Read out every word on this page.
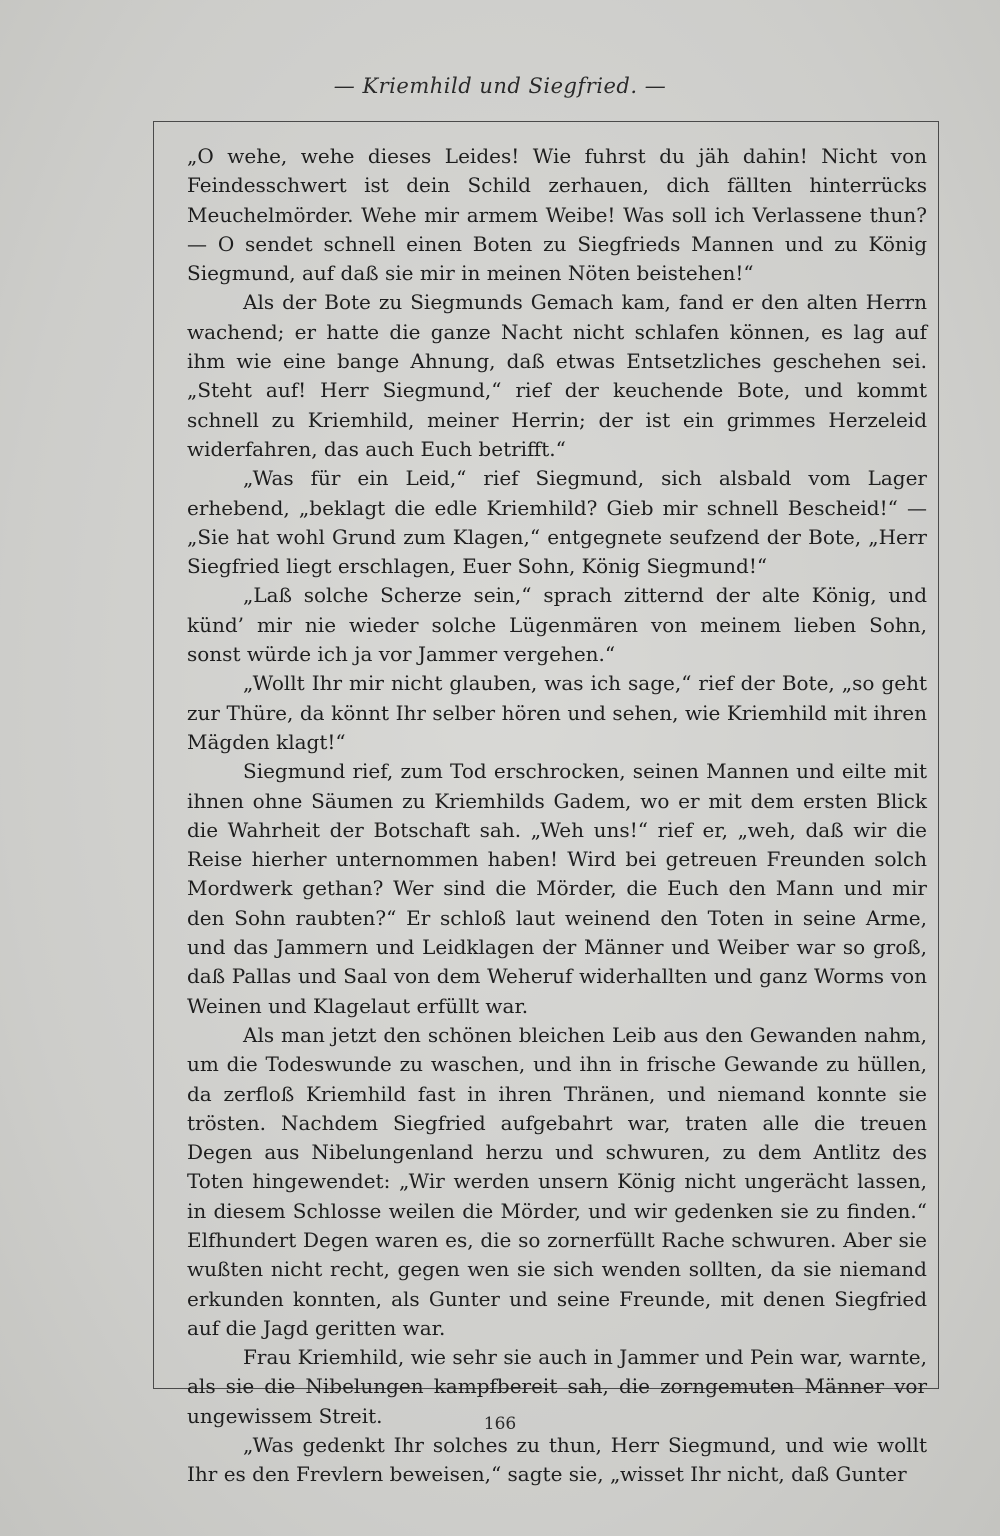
— Kriemhild und Siegfried. —

„O wehe, wehe dieses Leides! Wie fuhrst du jäh dahin! Nicht von Feindesschwert ist dein Schild zerhauen, dich fällten hinterrücks Meuchelmörder. Wehe mir armem Weibe! Was soll ich Verlassene thun? — O sendet schnell einen Boten zu Siegfrieds Mannen und zu König Siegmund, auf daß sie mir in meinen Nöten beistehen!“

Als der Bote zu Siegmunds Gemach kam, fand er den alten Herrn wachend; er hatte die ganze Nacht nicht schlafen können, es lag auf ihm wie eine bange Ahnung, daß etwas Entsetzliches geschehen sei. „Steht auf! Herr Siegmund,“ rief der keuchende Bote, und kommt schnell zu Kriemhild, meiner Herrin; der ist ein grimmes Herzeleid widerfahren, das auch Euch betrifft.“

„Was für ein Leid,“ rief Siegmund, sich alsbald vom Lager erhebend, „beklagt die edle Kriemhild? Gieb mir schnell Bescheid!“ — „Sie hat wohl Grund zum Klagen,“ entgegnete seufzend der Bote, „Herr Siegfried liegt erschlagen, Euer Sohn, König Siegmund!“

„Laß solche Scherze sein,“ sprach zitternd der alte König, und künd’ mir nie wieder solche Lügenmären von meinem lieben Sohn, sonst würde ich ja vor Jammer vergehen.“

„Wollt Ihr mir nicht glauben, was ich sage,“ rief der Bote, „so geht zur Thüre, da könnt Ihr selber hören und sehen, wie Kriemhild mit ihren Mägden klagt!“

Siegmund rief, zum Tod erschrocken, seinen Mannen und eilte mit ihnen ohne Säumen zu Kriemhilds Gadem, wo er mit dem ersten Blick die Wahrheit der Botschaft sah. „Weh uns!“ rief er, „weh, daß wir die Reise hierher unternommen haben! Wird bei getreuen Freunden solch Mordwerk gethan? Wer sind die Mörder, die Euch den Mann und mir den Sohn raubten?“ Er schloß laut weinend den Toten in seine Arme, und das Jammern und Leidklagen der Männer und Weiber war so groß, daß Pallas und Saal von dem Weheruf widerhallten und ganz Worms von Weinen und Klagelaut erfüllt war.

Als man jetzt den schönen bleichen Leib aus den Gewanden nahm, um die Todeswunde zu waschen, und ihn in frische Gewande zu hüllen, da zerfloß Kriemhild fast in ihren Thränen, und niemand konnte sie trösten. Nachdem Siegfried aufgebahrt war, traten alle die treuen Degen aus Nibelungenland herzu und schwuren, zu dem Antlitz des Toten hingewendet: „Wir werden unsern König nicht ungerächt lassen, in diesem Schlosse weilen die Mörder, und wir gedenken sie zu finden.“ Elfhundert Degen waren es, die so zornerfüllt Rache schwuren. Aber sie wußten nicht recht, gegen wen sie sich wenden sollten, da sie niemand erkunden konnten, als Gunter und seine Freunde, mit denen Siegfried auf die Jagd geritten war.

Frau Kriemhild, wie sehr sie auch in Jammer und Pein war, warnte, als sie die Nibelungen kampfbereit sah, die zorngemuten Männer vor ungewissem Streit.

„Was gedenkt Ihr solches zu thun, Herr Siegmund, und wie wollt Ihr es den Frevlern beweisen,“ sagte sie, „wisset Ihr nicht, daß Gunter

166
